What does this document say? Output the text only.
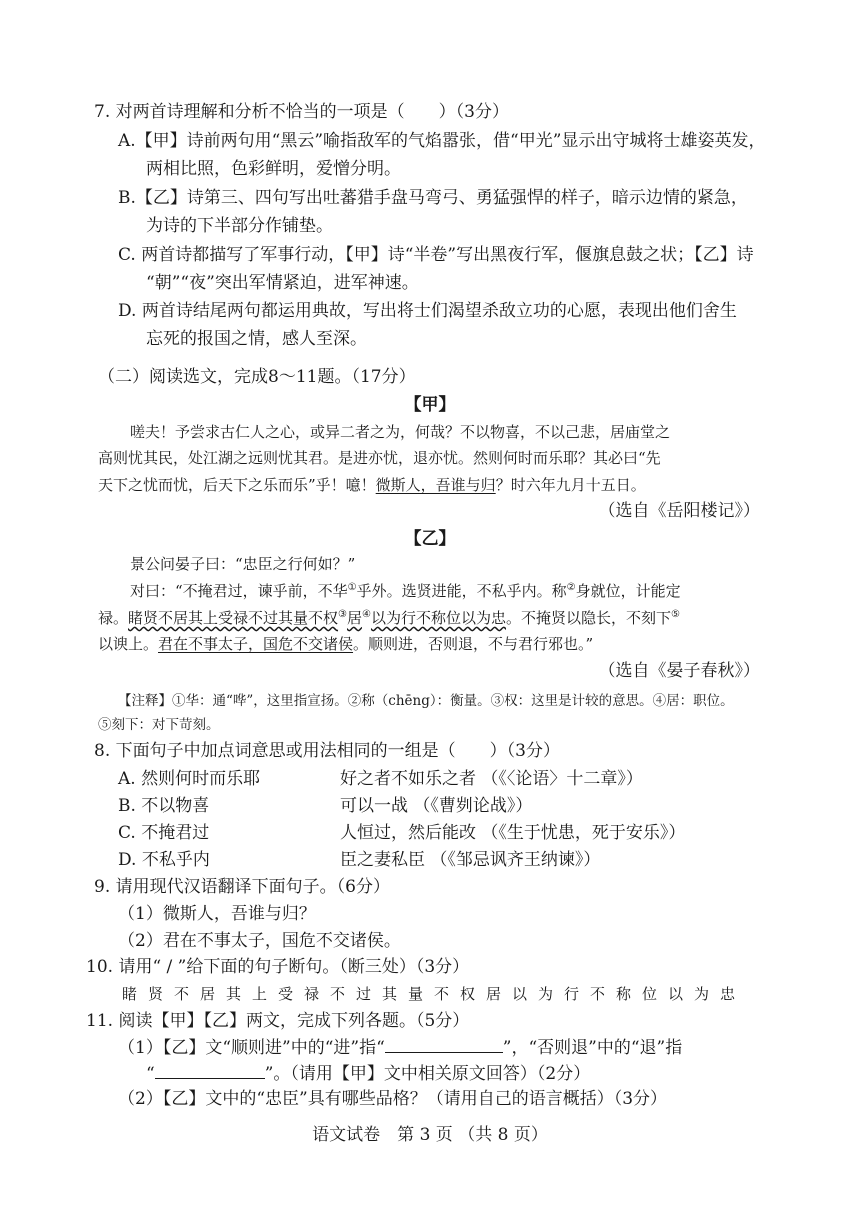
7. 对两首诗理解和分析不恰当的一项是（　　）（3分）
A.【甲】诗前两句用“黑云”喻指敌军的气焰嚣张，借“甲光”显示出守城将士雄姿英发，
两相比照，色彩鲜明，爱憎分明。
B.【乙】诗第三、四句写出吐蕃猎手盘马弯弓、勇猛强悍的样子，暗示边情的紧急，
为诗的下半部分作铺垫。
C. 两首诗都描写了军事行动，【甲】诗“半卷”写出黑夜行军，偃旗息鼓之状；【乙】诗
“朝”“夜”突出军情紧迫，进军神速。
D. 两首诗结尾两句都运用典故，写出将士们渴望杀敌立功的心愿，表现出他们舍生
忘死的报国之情，感人至深。
（二）阅读选文，完成8～11题。（17分）
【甲】
嗟夫！予尝求古仁人之心，或异二者之为，何哉？不以物喜，不以己悲，居庙堂之
高则忧其民，处江湖之远则忧其君。是进亦忧，退亦忧。然则何时而乐耶？其必曰“先
天下之忧而忧，后天下之乐而乐”乎！噫！微斯人，吾谁与归？时六年九月十五日。
（选自《岳阳楼记》）
【乙】
景公问晏子曰：“忠臣之行何如？”
对曰：“不掩君过，谏乎前，不华①乎外。选贤进能，不私乎内。称②身就位，计能定
禄。睹贤不居其上受禄不过其量不权③居④以为行不称位以为忠。不掩贤以隐长，不刻下⑤
以谀上。君在不事太子，国危不交诸侯。顺则进，否则退，不与君行邪也。”
（选自《晏子春秋》）
【注释】①华：通“哗”，这里指宣扬。②称（chēng）：衡量。③权：这里是计较的意思。④居：职位。
⑤刻下：对下苛刻。
8. 下面句子中加点词意思或用法相同的一组是（　　）（3分）
A. 然则何时而乐耶	好之者不如乐之者 （《〈论语〉十二章》）
B. 不以物喜	可以一战 （《曹刿论战》）
C. 不掩君过	人恒过，然后能改 （《生于忧患，死于安乐》）
D. 不私乎内	臣之妻私臣 （《邹忌讽齐王纳谏》）
9. 请用现代汉语翻译下面句子。（6分）
（1）微斯人，吾谁与归？
（2）君在不事太子，国危不交诸侯。
10. 请用“ / ”给下面的句子断句。（断三处）（3分）
睹贤不居其上受禄不过其量不权居以为行不称位以为忠
11. 阅读【甲】【乙】两文，完成下列各题。（5分）
（1）【乙】文“顺则进”中的“进”指“	”，“否则退”中的“退”指
“	”。（请用【甲】文中相关原文回答）（2分）
（2）【乙】文中的“忠臣”具有哪些品格？（请用自己的语言概括）（3分）
语文试卷　第 3 页 （共 8 页）
